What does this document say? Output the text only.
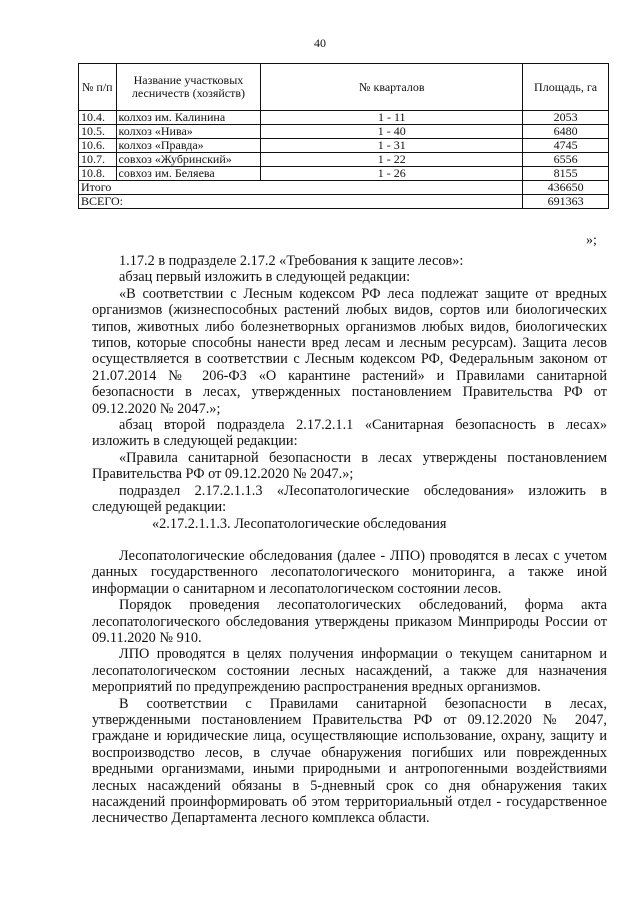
40
№ п/п	Название участковых лесничеств (хозяйств)	№ кварталов	Площадь, га
10.4.	колхоз им. Калинина	1 - 11	2053
10.5.	колхоз «Нива»	1 - 40	6480
10.6.	колхоз «Правда»	1 - 31	4745
10.7.	совхоз «Жубринский»	1 - 22	6556
10.8.	совхоз им. Беляева	1 - 26	8155
Итого			436650
ВСЕГО:			691363
»;

1.17.2 в подразделе 2.17.2 «Требования к защите лесов»:

абзац первый изложить в следующей редакции:

«В соответствии с Лесным кодексом РФ леса подлежат защите от вредных организмов (жизнеспособных растений любых видов, сортов или биологических типов, животных либо болезнетворных организмов любых видов, биологических типов, которые способны нанести вред лесам и лесным ресурсам). Защита лесов осуществляется в соответствии с Лесным кодексом РФ, Федеральным законом от 21.07.2014 № 206-ФЗ «О карантине растений» и Правилами санитарной безопасности в лесах, утвержденных постановлением Правительства РФ от 09.12.2020 № 2047.»;

абзац второй подраздела 2.17.2.1.1 «Санитарная безопасность в лесах» изложить в следующей редакции:

«Правила санитарной безопасности в лесах утверждены постановлением Правительства РФ от 09.12.2020 № 2047.»;

подраздел 2.17.2.1.1.3 «Лесопатологические обследования» изложить в следующей редакции:

«2.17.2.1.1.3. Лесопатологические обследования

Лесопатологические обследования (далее - ЛПО) проводятся в лесах с учетом данных государственного лесопатологического мониторинга, а также иной информации о санитарном и лесопатологическом состоянии лесов.

Порядок проведения лесопатологических обследований, форма акта лесопатологического обследования утверждены приказом Минприроды России от 09.11.2020 № 910.

ЛПО проводятся в целях получения информации о текущем санитарном и лесопатологическом состоянии лесных насаждений, а также для назначения мероприятий по предупреждению распространения вредных организмов.

В соответствии с Правилами санитарной безопасности в лесах, утвержденными постановлением Правительства РФ от 09.12.2020 № 2047, граждане и юридические лица, осуществляющие использование, охрану, защиту и воспроизводство лесов, в случае обнаружения погибших или поврежденных вредными организмами, иными природными и антропогенными воздействиями лесных насаждений обязаны в 5-дневный срок со дня обнаружения таких насаждений проинформировать об этом территориальный отдел - государственное лесничество Департамента лесного комплекса области.
